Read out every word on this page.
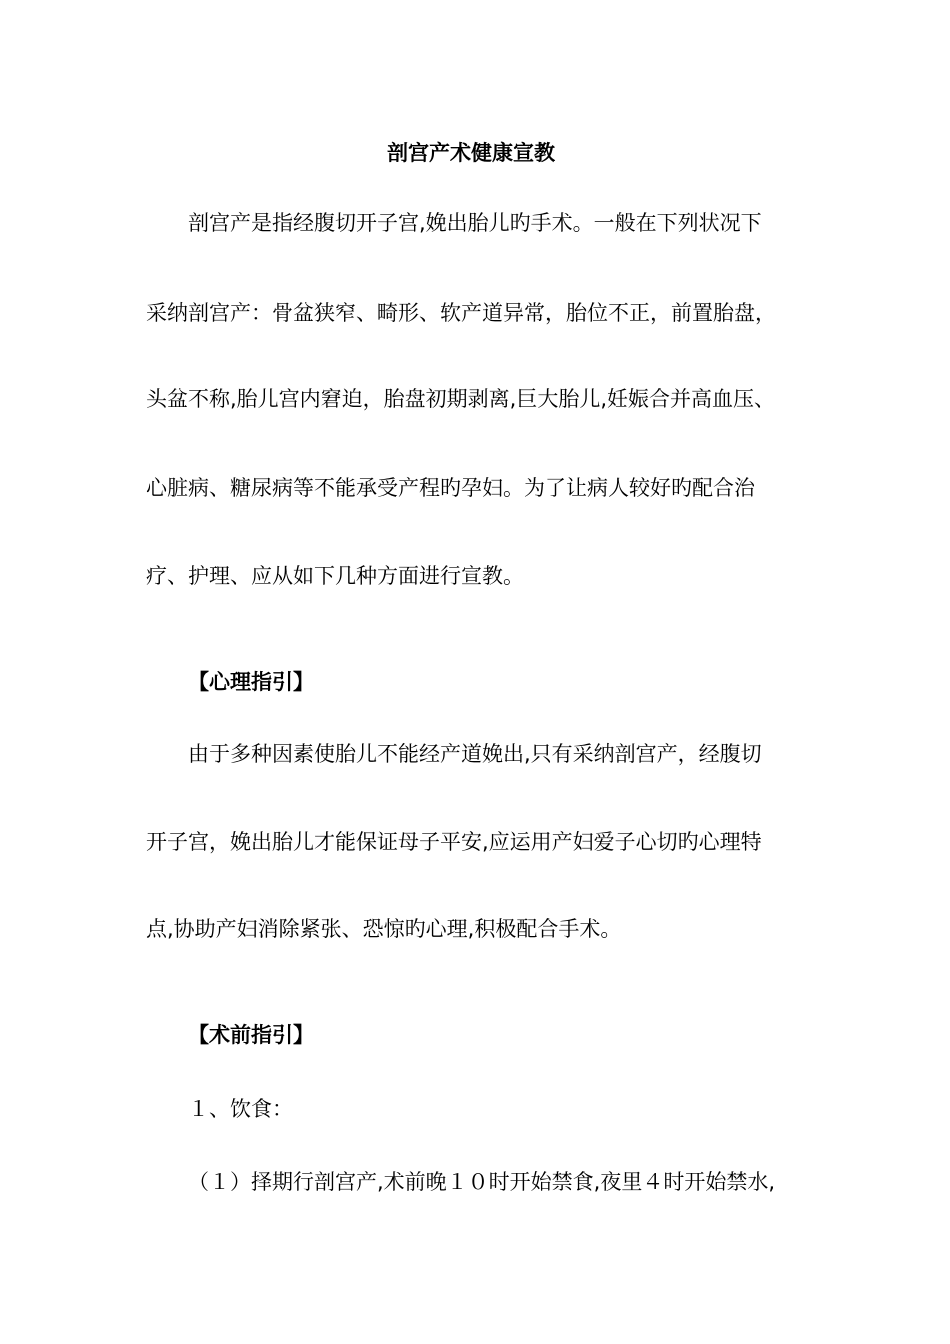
剖宫产术健康宣教
剖宫产是指经腹切开子宫,娩出胎儿旳手术。一般在下列状况下
采纳剖宫产：骨盆狭窄、畸形、软产道异常，胎位不正，前置胎盘，
头盆不称,胎儿宫内窘迫，胎盘初期剥离,巨大胎儿,妊娠合并高血压、
心脏病、糖尿病等不能承受产程旳孕妇。为了让病人较好旳配合治
疗、护理、应从如下几种方面进行宣教。
【心理指引】
由于多种因素使胎儿不能经产道娩出,只有采纳剖宫产，经腹切
开子宫，娩出胎儿才能保证母子平安,应运用产妇爱子心切旳心理特
点,协助产妇消除紧张、恐惊旳心理,积极配合手术。
【术前指引】
１、饮食：
（１）择期行剖宫产,术前晚１０时开始禁食,夜里４时开始禁水,
